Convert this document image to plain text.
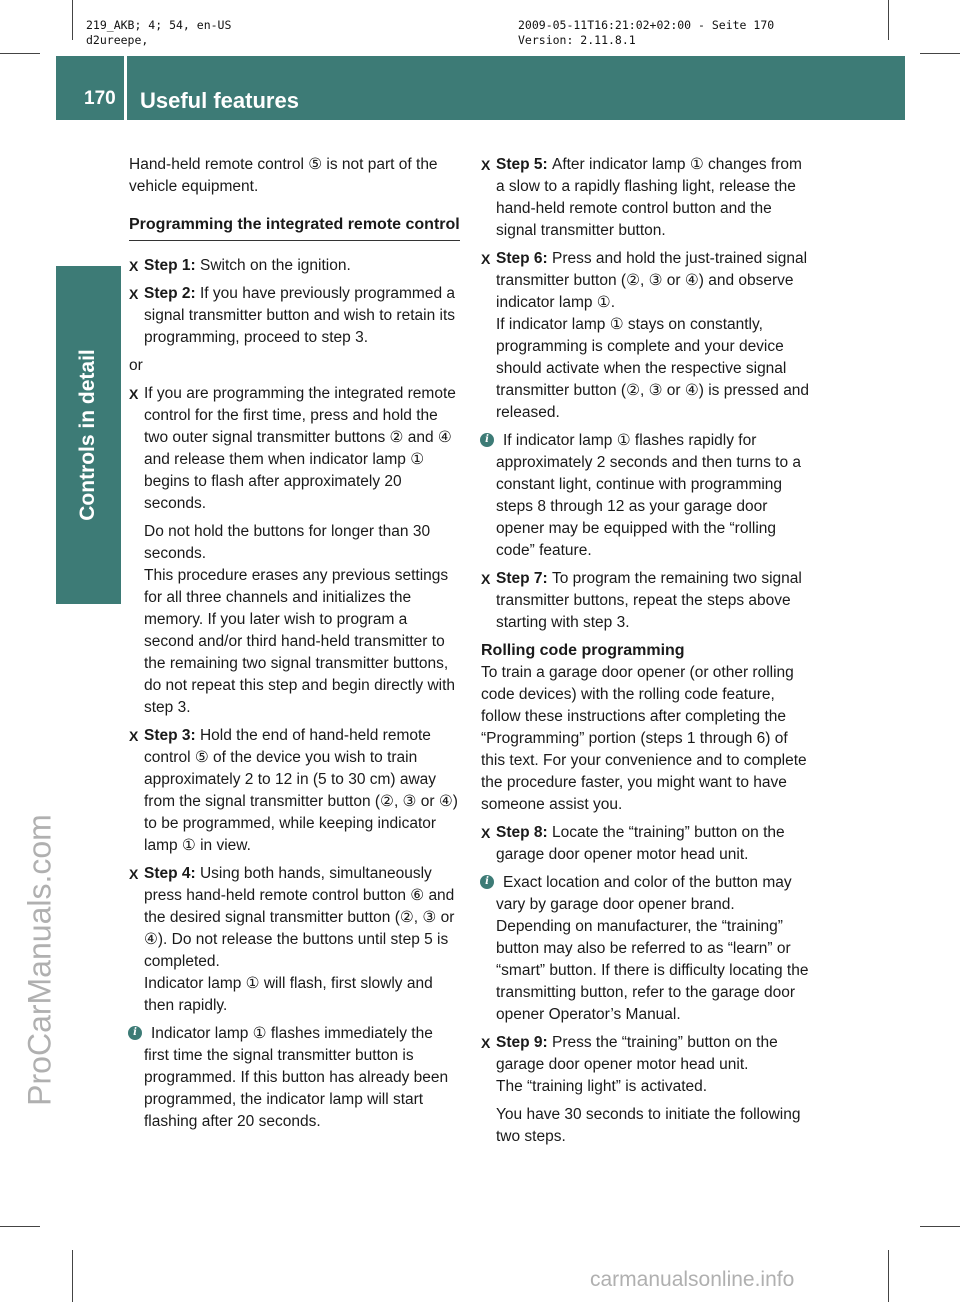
219_AKB; 4; 54, en-US
d2ureepe,
2009-05-11T16:21:02+02:00 - Seite 170
Version: 2.11.8.1
170 Useful features
Controls in detail
ProCarManuals.com
carmanualsonline.info
Hand-held remote control ⑤ is not part of the vehicle equipment.
Programming the integrated remote control
X Step 1: Switch on the ignition.
X Step 2: If you have previously programmed a signal transmitter button and wish to retain its programming, proceed to step 3.
or
X If you are programming the integrated remote control for the first time, press and hold the two outer signal transmitter buttons ② and ④ and release them when indicator lamp ① begins to flash after approximately 20 seconds.
Do not hold the buttons for longer than 30 seconds.
This procedure erases any previous settings for all three channels and initializes the memory. If you later wish to program a second and/or third hand-held transmitter to the remaining two signal transmitter buttons, do not repeat this step and begin directly with step 3.
X Step 3: Hold the end of hand-held remote control ⑤ of the device you wish to train approximately 2 to 12 in (5 to 30 cm) away from the signal transmitter button (②, ③ or ④) to be programmed, while keeping indicator lamp ① in view.
X Step 4: Using both hands, simultaneously press hand-held remote control button ⑥ and the desired signal transmitter button (②, ③ or ④). Do not release the buttons until step 5 is completed.
Indicator lamp ① will flash, first slowly and then rapidly.
i Indicator lamp ① flashes immediately the first time the signal transmitter button is programmed. If this button has already been programmed, the indicator lamp will start flashing after 20 seconds.
X Step 5: After indicator lamp ① changes from a slow to a rapidly flashing light, release the hand-held remote control button and the signal transmitter button.
X Step 6: Press and hold the just-trained signal transmitter button (②, ③ or ④) and observe indicator lamp ①.
If indicator lamp ① stays on constantly, programming is complete and your device should activate when the respective signal transmitter button (②, ③ or ④) is pressed and released.
i If indicator lamp ① flashes rapidly for approximately 2 seconds and then turns to a constant light, continue with programming steps 8 through 12 as your garage door opener may be equipped with the “rolling code” feature.
X Step 7: To program the remaining two signal transmitter buttons, repeat the steps above starting with step 3.
Rolling code programming
To train a garage door opener (or other rolling code devices) with the rolling code feature, follow these instructions after completing the “Programming” portion (steps 1 through 6) of this text. For your convenience and to complete the procedure faster, you might want to have someone assist you.
X Step 8: Locate the “training” button on the garage door opener motor head unit.
i Exact location and color of the button may vary by garage door opener brand. Depending on manufacturer, the “training” button may also be referred to as “learn” or “smart” button. If there is difficulty locating the transmitting button, refer to the garage door opener Operator’s Manual.
X Step 9: Press the “training” button on the garage door opener motor head unit.
The “training light” is activated.
You have 30 seconds to initiate the following two steps.
